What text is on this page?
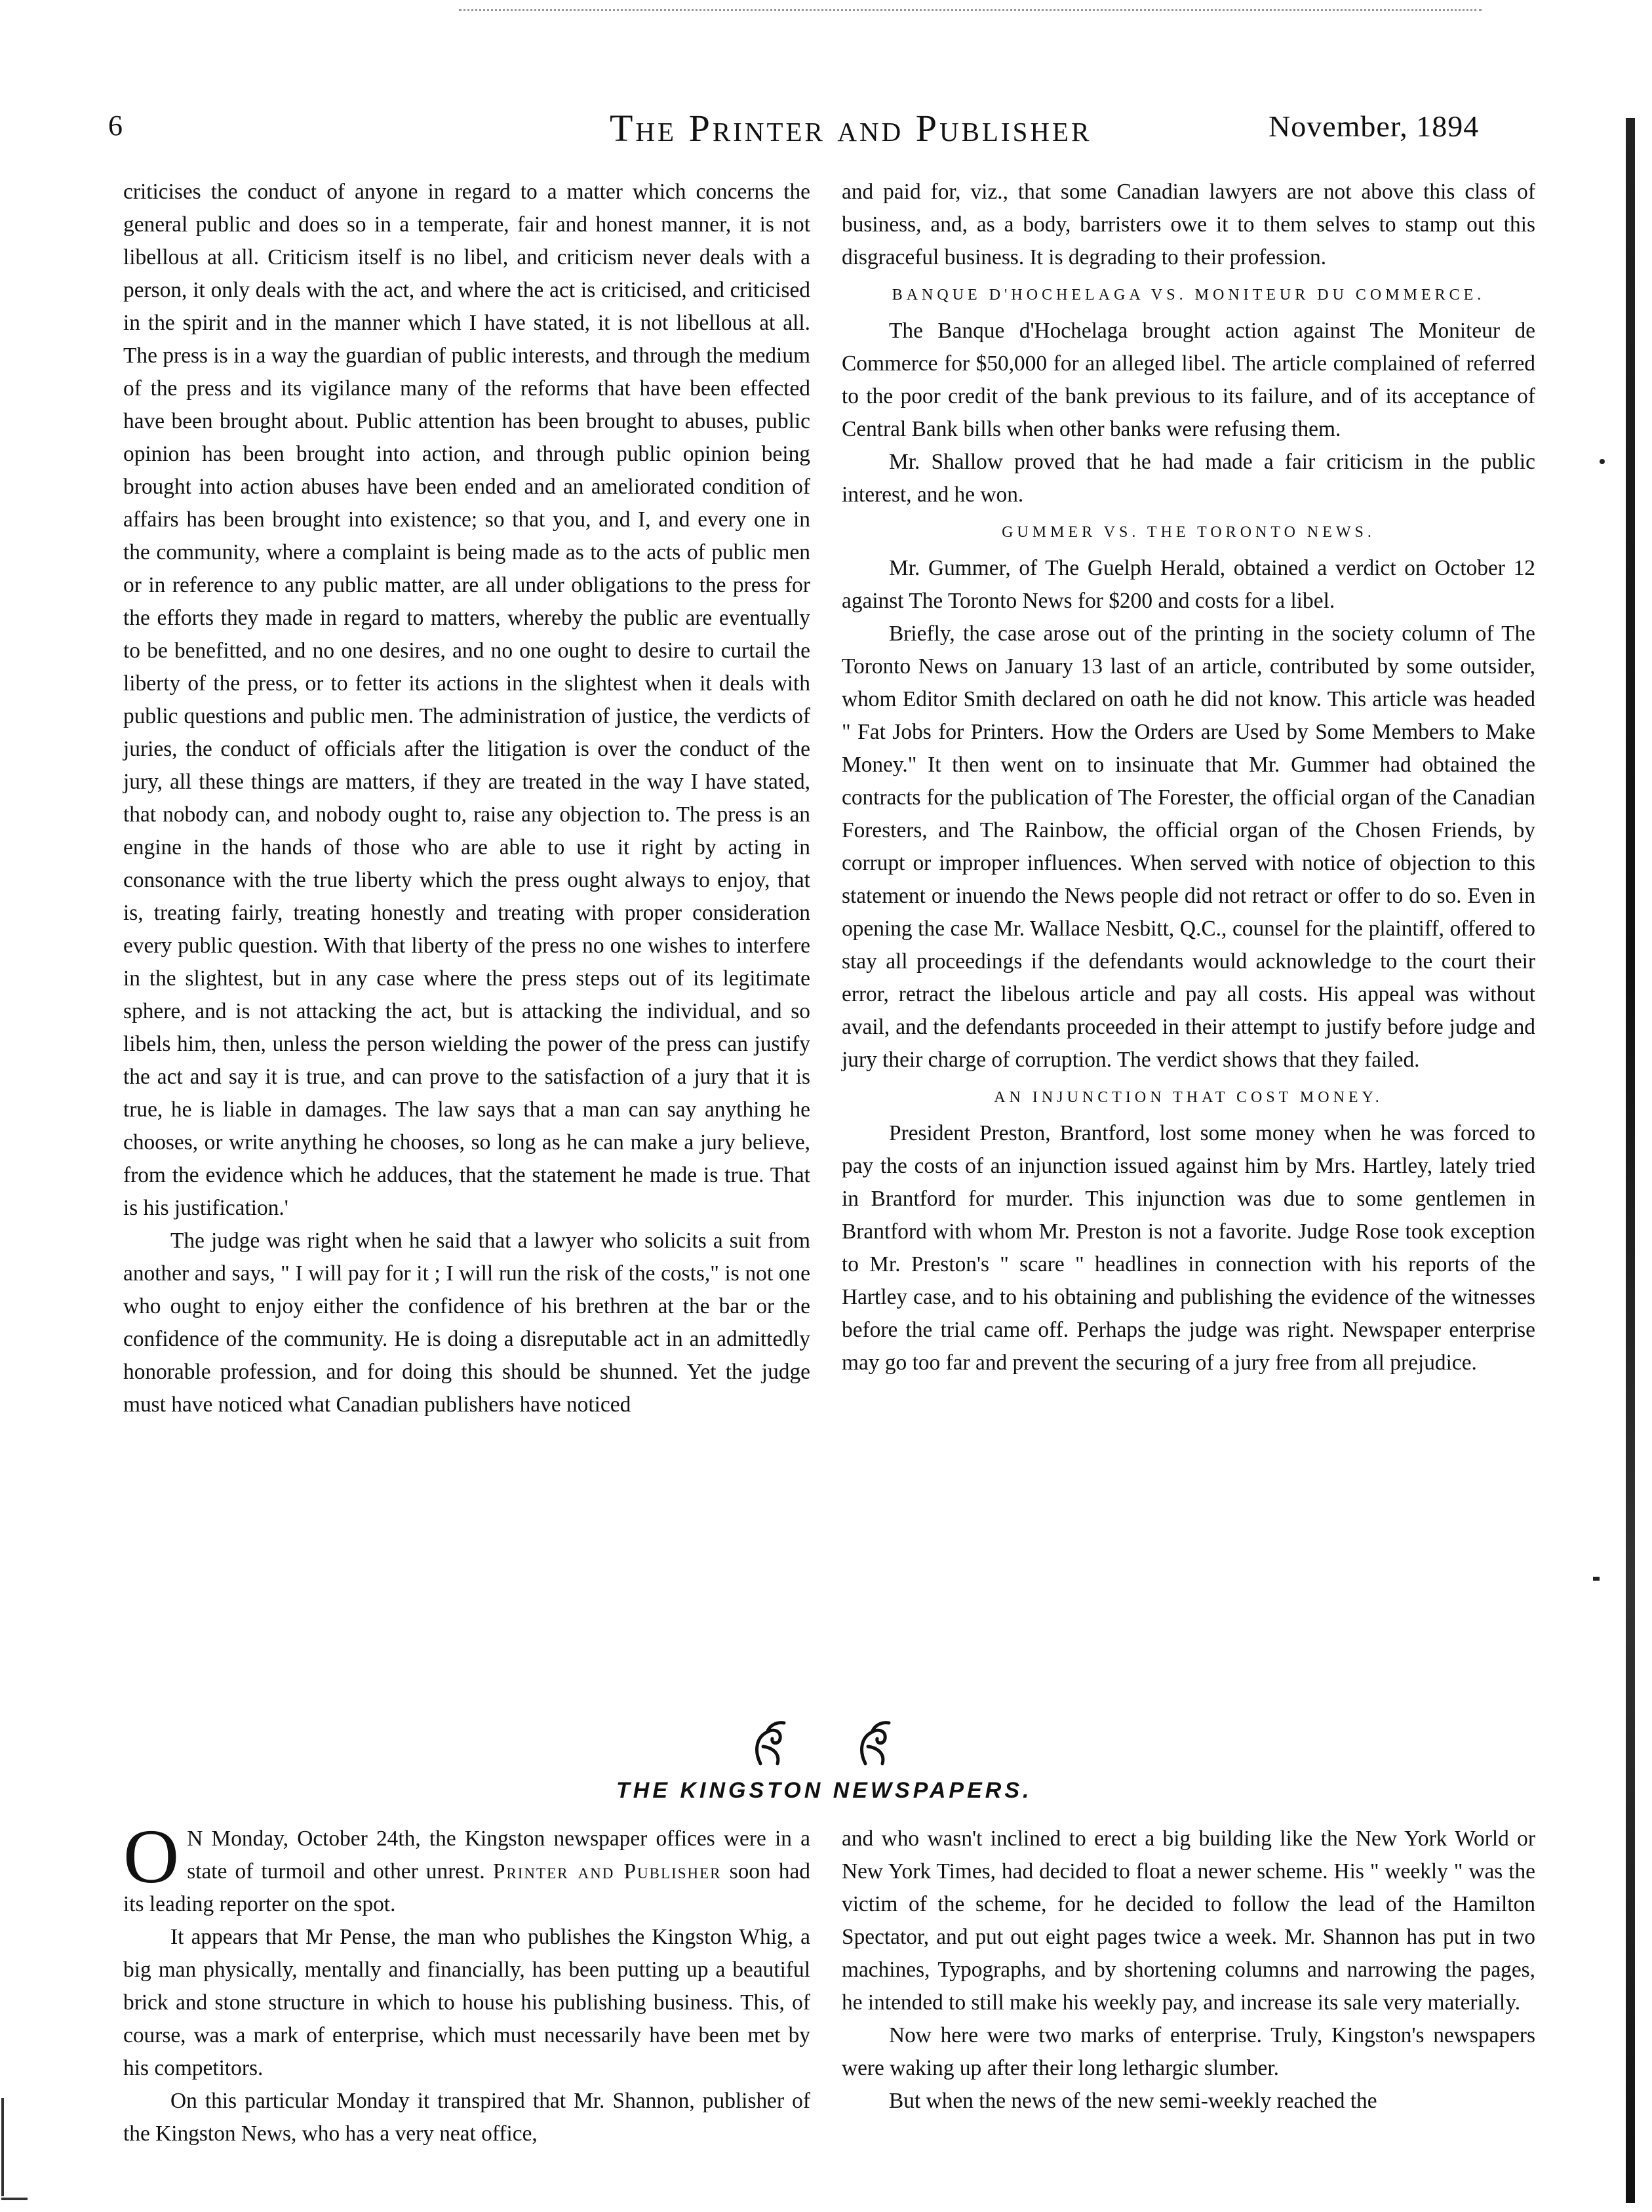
6	The Printer and Publisher	November, 1894

criticises the conduct of anyone in regard to a matter which concerns the general public and does so in a temperate, fair and honest manner, it is not libellous at all. Criticism itself is no libel, and criticism never deals with a person, it only deals with the act, and where the act is criticised, and criticised in the spirit and in the manner which I have stated, it is not libellous at all. The press is in a way the guardian of public interests, and through the medium of the press and its vigilance many of the reforms that have been effected have been brought about. Public attention has been brought to abuses, public opinion has been brought into action, and through public opinion being brought into action abuses have been ended and an ameliorated condition of affairs has been brought into existence; so that you, and I, and every one in the community, where a complaint is being made as to the acts of public men or in reference to any public matter, are all under obligations to the press for the efforts they made in regard to matters, whereby the public are eventually to be benefitted, and no one desires, and no one ought to desire to curtail the liberty of the press, or to fetter its actions in the slightest when it deals with public questions and public men. The administration of justice, the verdicts of juries, the conduct of officials after the litigation is over the conduct of the jury, all these things are matters, if they are treated in the way I have stated, that nobody can, and nobody ought to, raise any objection to. The press is an engine in the hands of those who are able to use it right by acting in consonance with the true liberty which the press ought always to enjoy, that is, treating fairly, treating honestly and treating with proper consideration every public question. With that liberty of the press no one wishes to interfere in the slightest, but in any case where the press steps out of its legitimate sphere, and is not attacking the act, but is attacking the individual, and so libels him, then, unless the person wielding the power of the press can justify the act and say it is true, and can prove to the satisfaction of a jury that it is true, he is liable in damages. The law says that a man can say anything he chooses, or write anything he chooses, so long as he can make a jury believe, from the evidence which he adduces, that the statement he made is true. That is his justification.'

The judge was right when he said that a lawyer who solicits a suit from another and says, " I will pay for it ; I will run the risk of the costs," is not one who ought to enjoy either the confidence of his brethren at the bar or the confidence of the community. He is doing a disreputable act in an admittedly honorable profession, and for doing this should be shunned. Yet the judge must have noticed what Canadian publishers have noticed

and paid for, viz., that some Canadian lawyers are not above this class of business, and, as a body, barristers owe it to them selves to stamp out this disgraceful business. It is degrading to their profession.

BANQUE D'HOCHELAGA VS. MONITEUR DU COMMERCE.

The Banque d'Hochelaga brought action against The Moniteur de Commerce for $50,000 for an alleged libel. The article complained of referred to the poor credit of the bank previous to its failure, and of its acceptance of Central Bank bills when other banks were refusing them.

Mr. Shallow proved that he had made a fair criticism in the public interest, and he won.

GUMMER VS. THE TORONTO NEWS.

Mr. Gummer, of The Guelph Herald, obtained a verdict on October 12 against The Toronto News for $200 and costs for a libel.

Briefly, the case arose out of the printing in the society column of The Toronto News on January 13 last of an article, contributed by some outsider, whom Editor Smith declared on oath he did not know. This article was headed " Fat Jobs for Printers. How the Orders are Used by Some Members to Make Money." It then went on to insinuate that Mr. Gummer had obtained the contracts for the publication of The Forester, the official organ of the Canadian Foresters, and The Rainbow, the official organ of the Chosen Friends, by corrupt or improper influences. When served with notice of objection to this statement or inuendo the News people did not retract or offer to do so. Even in opening the case Mr. Wallace Nesbitt, Q.C., counsel for the plaintiff, offered to stay all proceedings if the defendants would acknowledge to the court their error, retract the libelous article and pay all costs. His appeal was without avail, and the defendants proceeded in their attempt to justify before judge and jury their charge of corruption. The verdict shows that they failed.

AN INJUNCTION THAT COST MONEY.

President Preston, Brantford, lost some money when he was forced to pay the costs of an injunction issued against him by Mrs. Hartley, lately tried in Brantford for murder. This injunction was due to some gentlemen in Brantford with whom Mr. Preston is not a favorite. Judge Rose took exception to Mr. Preston's " scare " headlines in connection with his reports of the Hartley case, and to his obtaining and publishing the evidence of the witnesses before the trial came off. Perhaps the judge was right. Newspaper enterprise may go too far and prevent the securing of a jury free from all prejudice.

THE KINGSTON NEWSPAPERS.

O N Monday, October 24th, the Kingston newspaper offices were in a state of turmoil and other unrest. Printer and Publisher soon had its leading reporter on the spot.

It appears that Mr Pense, the man who publishes the Kingston Whig, a big man physically, mentally and financially, has been putting up a beautiful brick and stone structure in which to house his publishing business. This, of course, was a mark of enterprise, which must necessarily have been met by his competitors.

On this particular Monday it transpired that Mr. Shannon, publisher of the Kingston News, who has a very neat office,

and who wasn't inclined to erect a big building like the New York World or New York Times, had decided to float a newer scheme. His " weekly " was the victim of the scheme, for he decided to follow the lead of the Hamilton Spectator, and put out eight pages twice a week. Mr. Shannon has put in two machines, Typographs, and by shortening columns and narrowing the pages, he intended to still make his weekly pay, and increase its sale very materially.

Now here were two marks of enterprise. Truly, Kingston's newspapers were waking up after their long lethargic slumber.

But when the news of the new semi-weekly reached the
